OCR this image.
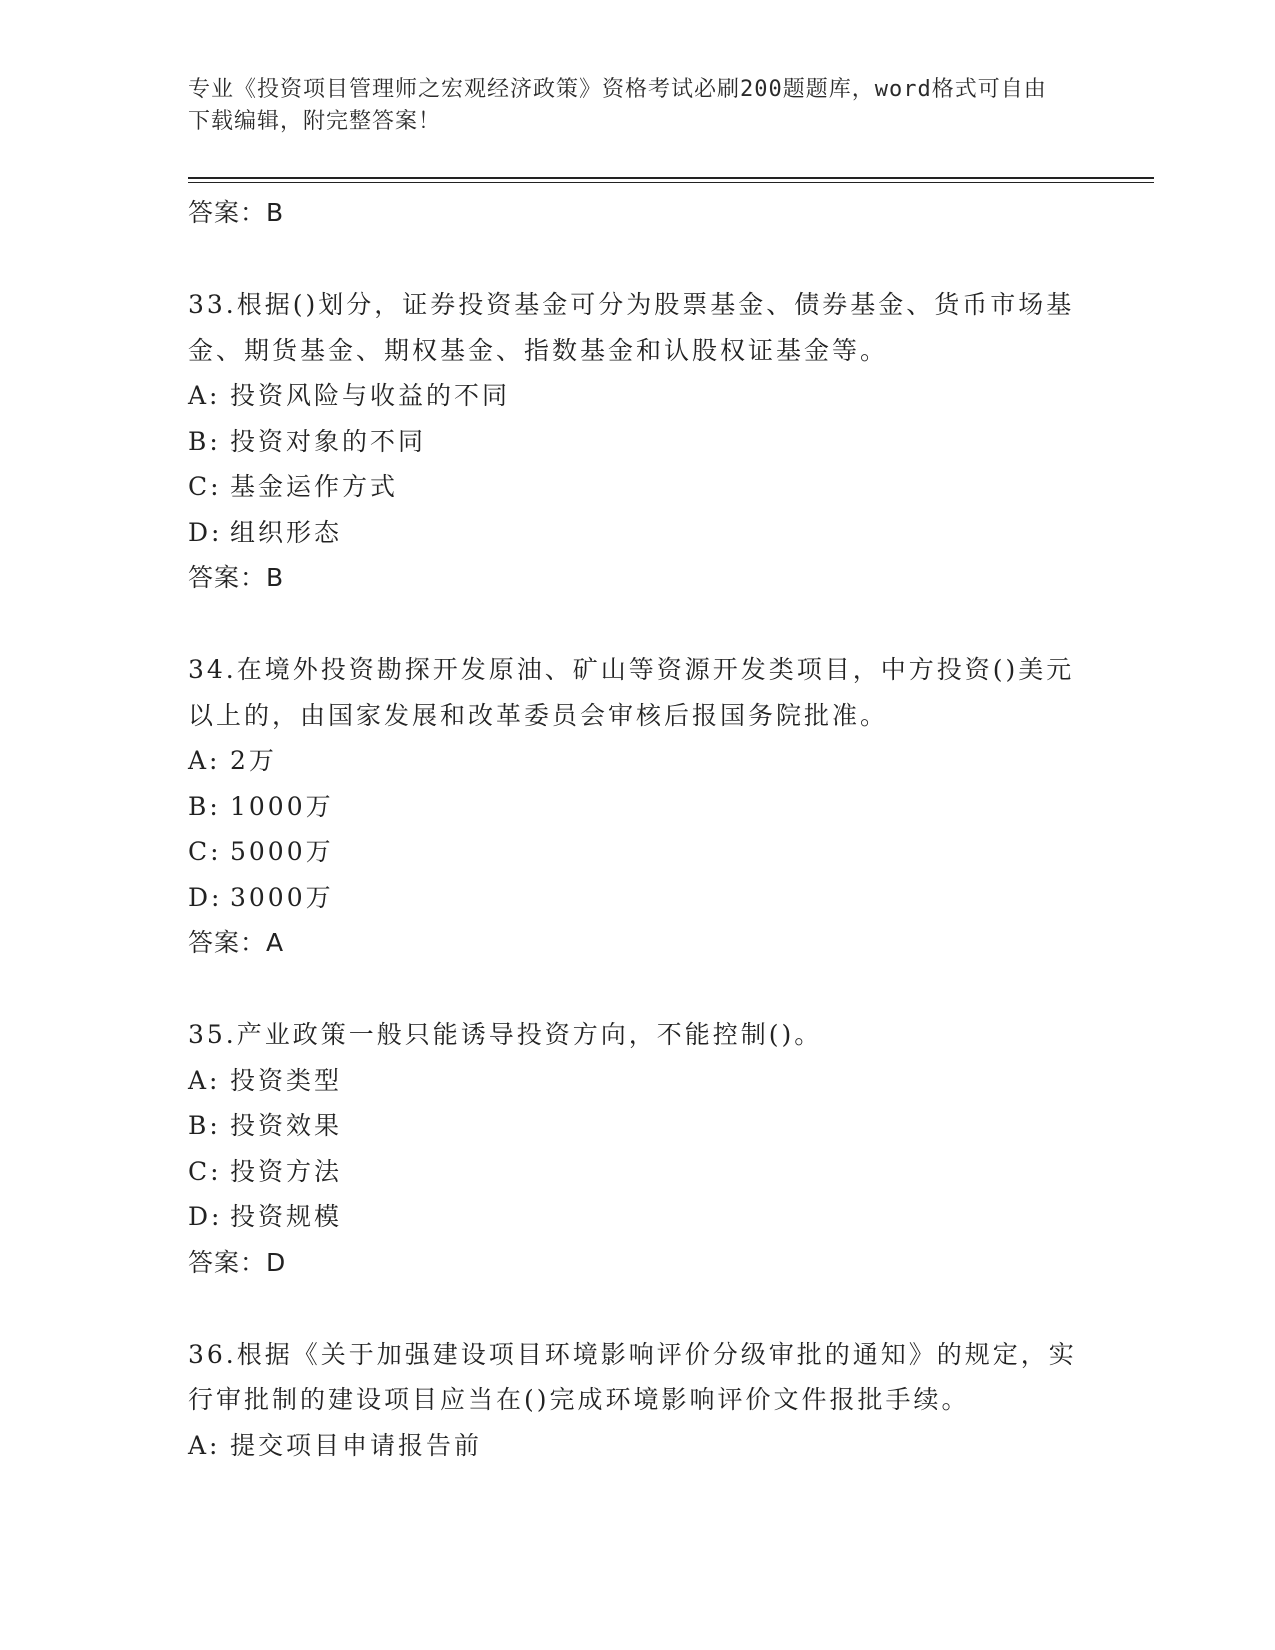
专业《投资项目管理师之宏观经济政策》资格考试必刷200题题库，word格式可自由下载编辑，附完整答案！
答案：B
33.根据()划分，证券投资基金可分为股票基金、债券基金、货币市场基金、期货基金、期权基金、指数基金和认股权证基金等。
A: 投资风险与收益的不同
B: 投资对象的不同
C: 基金运作方式
D: 组织形态
答案：B
34.在境外投资勘探开发原油、矿山等资源开发类项目，中方投资()美元以上的，由国家发展和改革委员会审核后报国务院批准。
A: 2万
B: 1000万
C: 5000万
D: 3000万
答案：A
35.产业政策一般只能诱导投资方向，不能控制()。
A: 投资类型
B: 投资效果
C: 投资方法
D: 投资规模
答案：D
36.根据《关于加强建设项目环境影响评价分级审批的通知》的规定，实行审批制的建设项目应当在()完成环境影响评价文件报批手续。
A: 提交项目申请报告前
